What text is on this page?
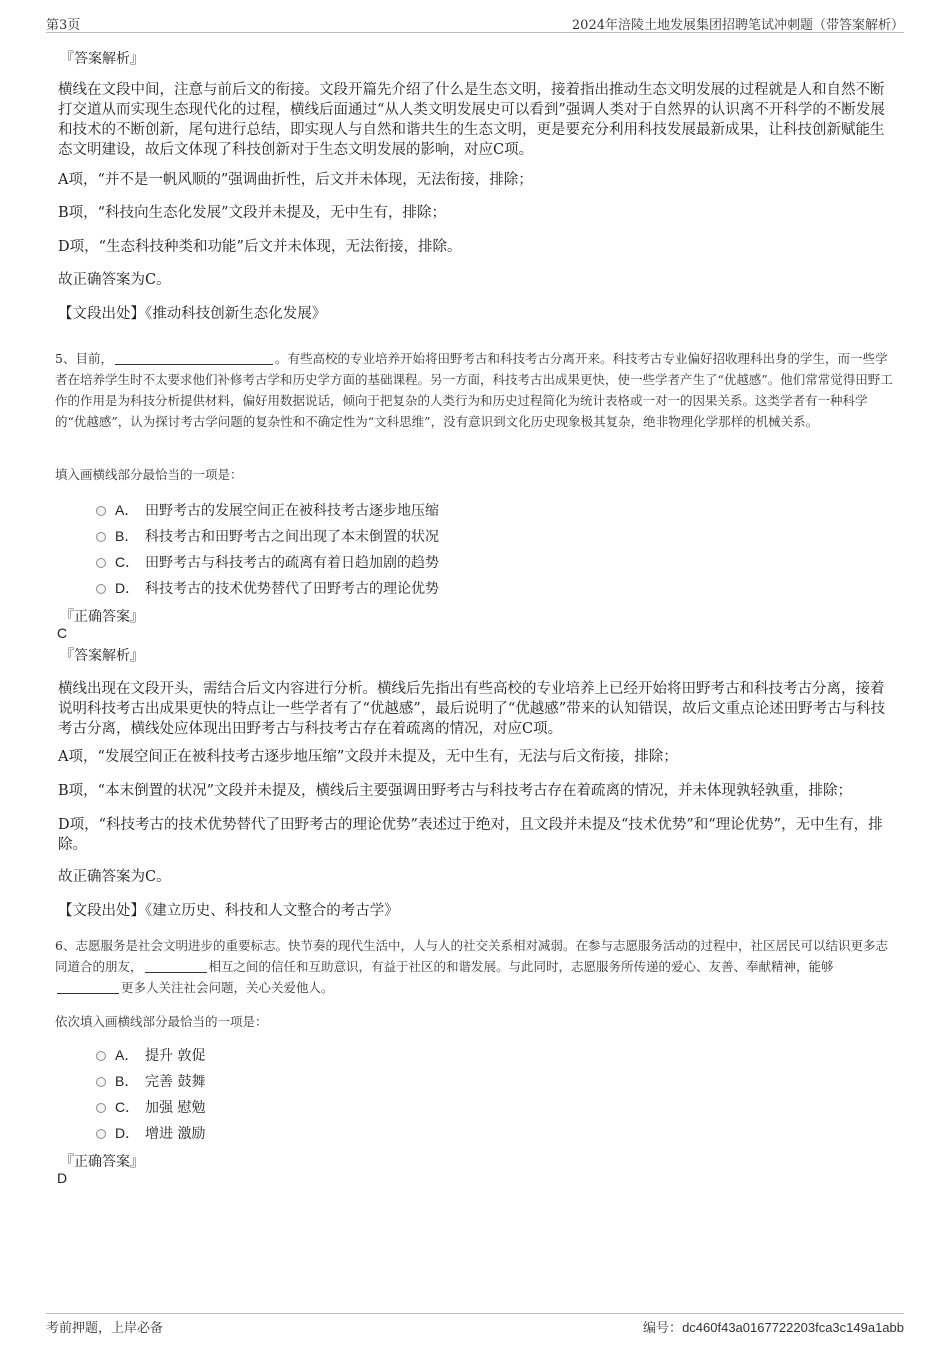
第3页	2024年涪陵土地发展集团招聘笔试冲刺题（带答案解析）
『答案解析』

横线在文段中间，注意与前后文的衔接。文段开篇先介绍了什么是生态文明，接着指出推动生态文明发展的过程就是人和自然不断打交道从而实现生态现代化的过程，横线后面通过“从人类文明发展史可以看到”强调人类对于自然界的认识离不开科学的不断发展和技术的不断创新，尾句进行总结，即实现人与自然和谐共生的生态文明，更是要充分利用科技发展最新成果，让科技创新赋能生态文明建设，故后文体现了科技创新对于生态文明发展的影响，对应C项。

A项，“并不是一帆风顺的”强调曲折性，后文并未体现，无法衔接，排除；

B项，“科技向生态化发展”文段并未提及，无中生有，排除；

D项，“生态科技种类和功能”后文并未体现，无法衔接，排除。

故正确答案为C。

【文段出处】《推动科技创新生态化发展》

5、目前，	。有些高校的专业培养开始将田野考古和科技考古分离开来。科技考古专业偏好招收理科出身的学生，而一些学者在培养学生时不太要求他们补修考古学和历史学方面的基础课程。另一方面，科技考古出成果更快，使一些学者产生了“优越感”。他们常常觉得田野工作的作用是为科技分析提供材料，偏好用数据说话，倾向于把复杂的人类行为和历史过程简化为统计表格或一对一的因果关系。这类学者有一种科学的“优越感”，认为探讨考古学问题的复杂性和不确定性为“文科思维”，没有意识到文化历史现象极其复杂，绝非物理化学那样的机械关系。

填入画横线部分最恰当的一项是：
A． 田野考古的发展空间正在被科技考古逐步地压缩
B． 科技考古和田野考古之间出现了本末倒置的状况
C． 田野考古与科技考古的疏离有着日趋加剧的趋势
D． 科技考古的技术优势替代了田野考古的理论优势
『正确答案』
C
『答案解析』

横线出现在文段开头，需结合后文内容进行分析。横线后先指出有些高校的专业培养上已经开始将田野考古和科技考古分离，接着说明科技考古出成果更快的特点让一些学者有了“优越感”，最后说明了“优越感”带来的认知错误，故后文重点论述田野考古与科技考古分离，横线处应体现出田野考古与科技考古存在着疏离的情况，对应C项。

A项，“发展空间正在被科技考古逐步地压缩”文段并未提及，无中生有，无法与后文衔接，排除；

B项，“本末倒置的状况”文段并未提及，横线后主要强调田野考古与科技考古存在着疏离的情况，并未体现孰轻孰重，排除；

D项，“科技考古的技术优势替代了田野考古的理论优势”表述过于绝对，且文段并未提及“技术优势”和“理论优势”，无中生有，排除。

故正确答案为C。

【文段出处】《建立历史、科技和人文整合的考古学》

6、志愿服务是社会文明进步的重要标志。快节奏的现代生活中，人与人的社交关系相对减弱。在参与志愿服务活动的过程中，社区居民可以结识更多志同道合的朋友，	相互之间的信任和互助意识，有益于社区的和谐发展。与此同时，志愿服务所传递的爱心、友善、奉献精神，能够更多人关注社会问题，关心关爱他人。

依次填入画横线部分最恰当的一项是：
A． 提升 敦促
B． 完善 鼓舞
C． 加强 慰勉
D． 增进 激励
『正确答案』
D
考前押题，上岸必备	编号：dc460f43a0167722203fca3c149a1abb
